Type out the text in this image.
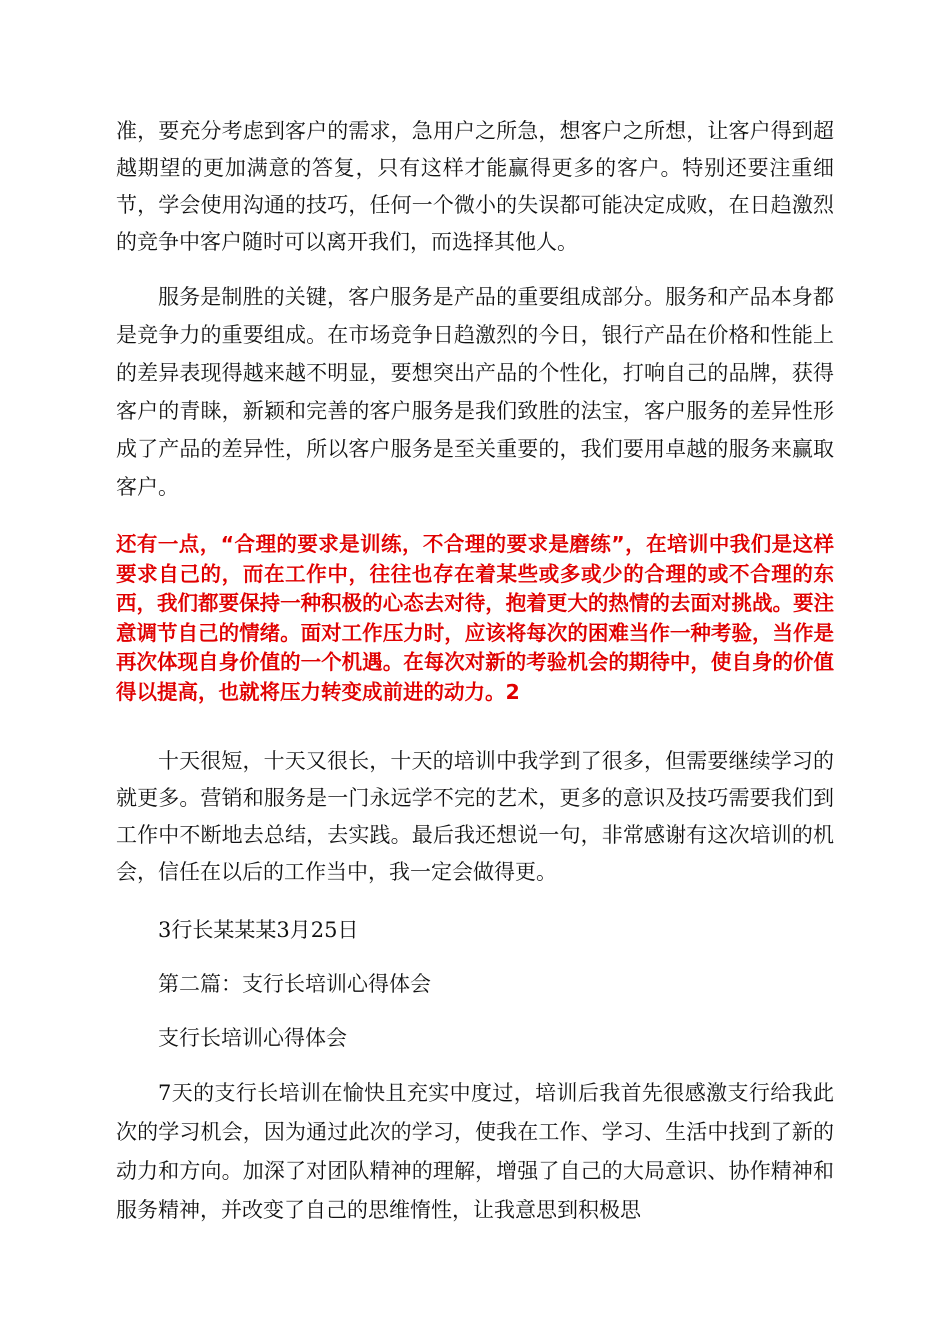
准，要充分考虑到客户的需求，急用户之所急，想客户之所想，让客户得到超越期望的更加满意的答复，只有这样才能赢得更多的客户。特别还要注重细节，学会使用沟通的技巧，任何一个微小的失误都可能决定成败，在日趋激烈的竞争中客户随时可以离开我们，而选择其他人。

服务是制胜的关键，客户服务是产品的重要组成部分。服务和产品本身都是竞争力的重要组成。在市场竞争日趋激烈的今日，银行产品在价格和性能上的差异表现得越来越不明显，要想突出产品的个性化，打响自己的品牌，获得客户的青睐，新颖和完善的客户服务是我们致胜的法宝，客户服务的差异性形成了产品的差异性，所以客户服务是至关重要的，我们要用卓越的服务来赢取客户。

还有一点，“合理的要求是训练，不合理的要求是磨练”，在培训中我们是这样要求自己的，而在工作中，往往也存在着某些或多或少的合理的或不合理的东西，我们都要保持一种积极的心态去对待，抱着更大的热情的去面对挑战。要注意调节自己的情绪。面对工作压力时，应该将每次的困难当作一种考验，当作是再次体现自身价值的一个机遇。在每次对新的考验机会的期待中，使自身的价值得以提高，也就将压力转变成前进的动力。2

十天很短，十天又很长，十天的培训中我学到了很多，但需要继续学习的就更多。营销和服务是一门永远学不完的艺术，更多的意识及技巧需要我们到工作中不断地去总结，去实践。最后我还想说一句，非常感谢有这次培训的机会，信任在以后的工作当中，我一定会做得更。

3行长某某某3月25日

第二篇：支行长培训心得体会

支行长培训心得体会

7天的支行长培训在愉快且充实中度过，培训后我首先很感激支行给我此次的学习机会，因为通过此次的学习，使我在工作、学习、生活中找到了新的动力和方向。加深了对团队精神的理解，增强了自己的大局意识、协作精神和服务精神，并改变了自己的思维惰性，让我意思到积极思
